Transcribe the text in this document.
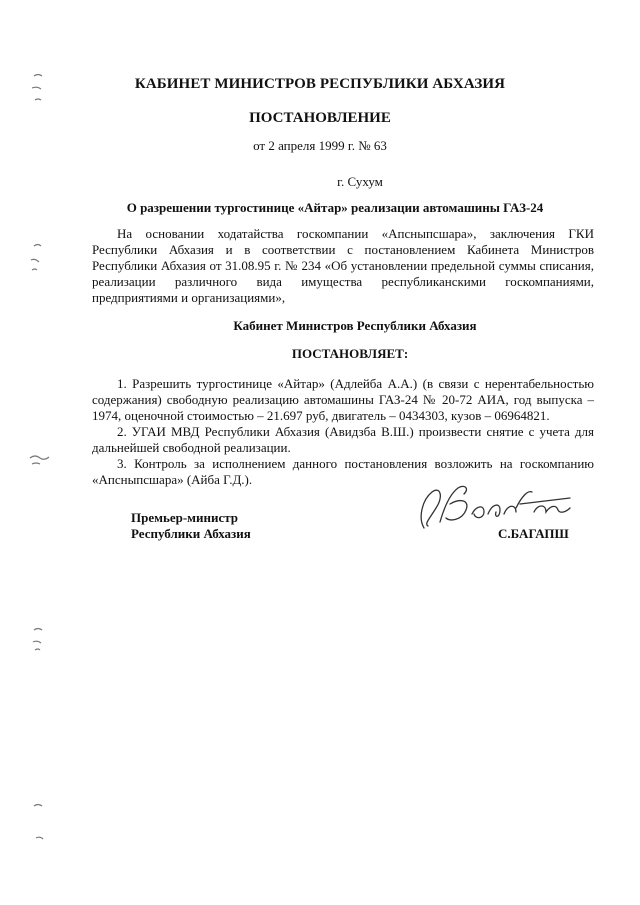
КАБИНЕТ МИНИСТРОВ РЕСПУБЛИКИ АБХАЗИЯ
ПОСТАНОВЛЕНИЕ
от 2 апреля 1999 г. № 63
г. Сухум
О разрешении тургостинице «Айтар» реализации автомашины ГАЗ-24

На основании ходатайства госкомпании «Апсныпсшара», заключения ГКИ Республики Абхазия и в соответствии с постановлением Кабинета Министров Республики Абхазия от 31.08.95 г. № 234 «Об установлении предельной суммы списания, реализации различного вида имущества республиканскими госкомпаниями, предприятиями и организациями»,

Кабинет Министров Республики Абхазия
ПОСТАНОВЛЯЕТ:

1. Разрешить тургостинице «Айтар» (Адлейба А.А.) (в связи с нерентабельностью содержания) свободную реализацию автомашины ГАЗ-24 № 20-72 АИА, год выпуска – 1974, оценочной стоимостью – 21.697 руб, двигатель – 0434303, кузов – 06964821.

2. УГАИ МВД Республики Абхазия (Авидзба В.Ш.) произвести снятие с учета для дальнейшей свободной реализации.

3. Контроль за исполнением данного постановления возложить на госкомпанию «Апсныпсшара» (Айба Г.Д.).

Премьер-министр
Республики Абхазия	С.БАГАПШ
